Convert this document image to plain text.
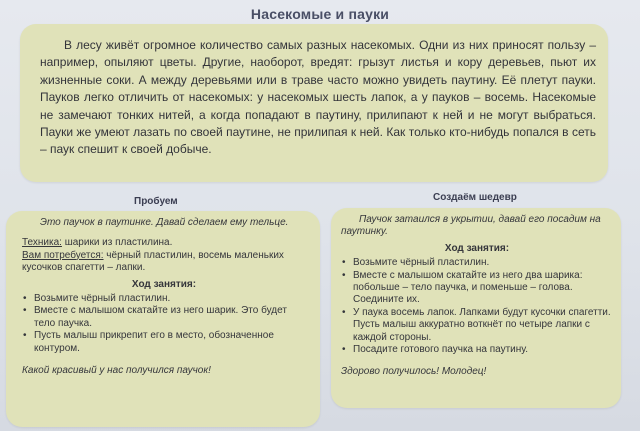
Насекомые и пауки

В лесу живёт огромное количество самых разных насекомых. Одни из них приносят пользу – например, опыляют цветы. Другие, наоборот, вредят: грызут листья и кору деревьев, пьют их жизненные соки. А между деревьями или в траве часто можно увидеть паутину. Её плетут пауки. Пауков легко отличить от насекомых: у насекомых шесть лапок, а у пауков – восемь. Насекомые не замечают тонких нитей, а когда попадают в паутину, прилипают к ней и не могут выбраться. Пауки же умеют лазать по своей паутине, не прилипая к ней. Как только кто-нибудь попался в сеть – паук спешит к своей добыче.

Пробуем	Создаём шедевр

Это паучок в паутинке. Давай сделаем ему тельце.

Техника: шарики из пластилина.

Вам потребуется: чёрный пластилин, восемь маленьких кусочков спагетти – лапки.

Ход занятия:
• Возьмите чёрный пластилин.
• Вместе с малышом скатайте из него шарик. Это будет тело паучка.
• Пусть малыш прикрепит его в место, обозначенное контуром.

Какой красивый у нас получился паучок!

Паучок затаился в укрытии, давай его посадим на паутинку.

Ход занятия:
• Возьмите чёрный пластилин.
• Вместе с малышом скатайте из него два шарика: побольше – тело паучка, и поменьше – голова. Соедините их.
• У паука восемь лапок. Лапками будут кусочки спагетти. Пусть малыш аккуратно воткнёт по четыре лапки с каждой стороны.
• Посадите готового паучка на паутину.

Здорово получилось! Молодец!
